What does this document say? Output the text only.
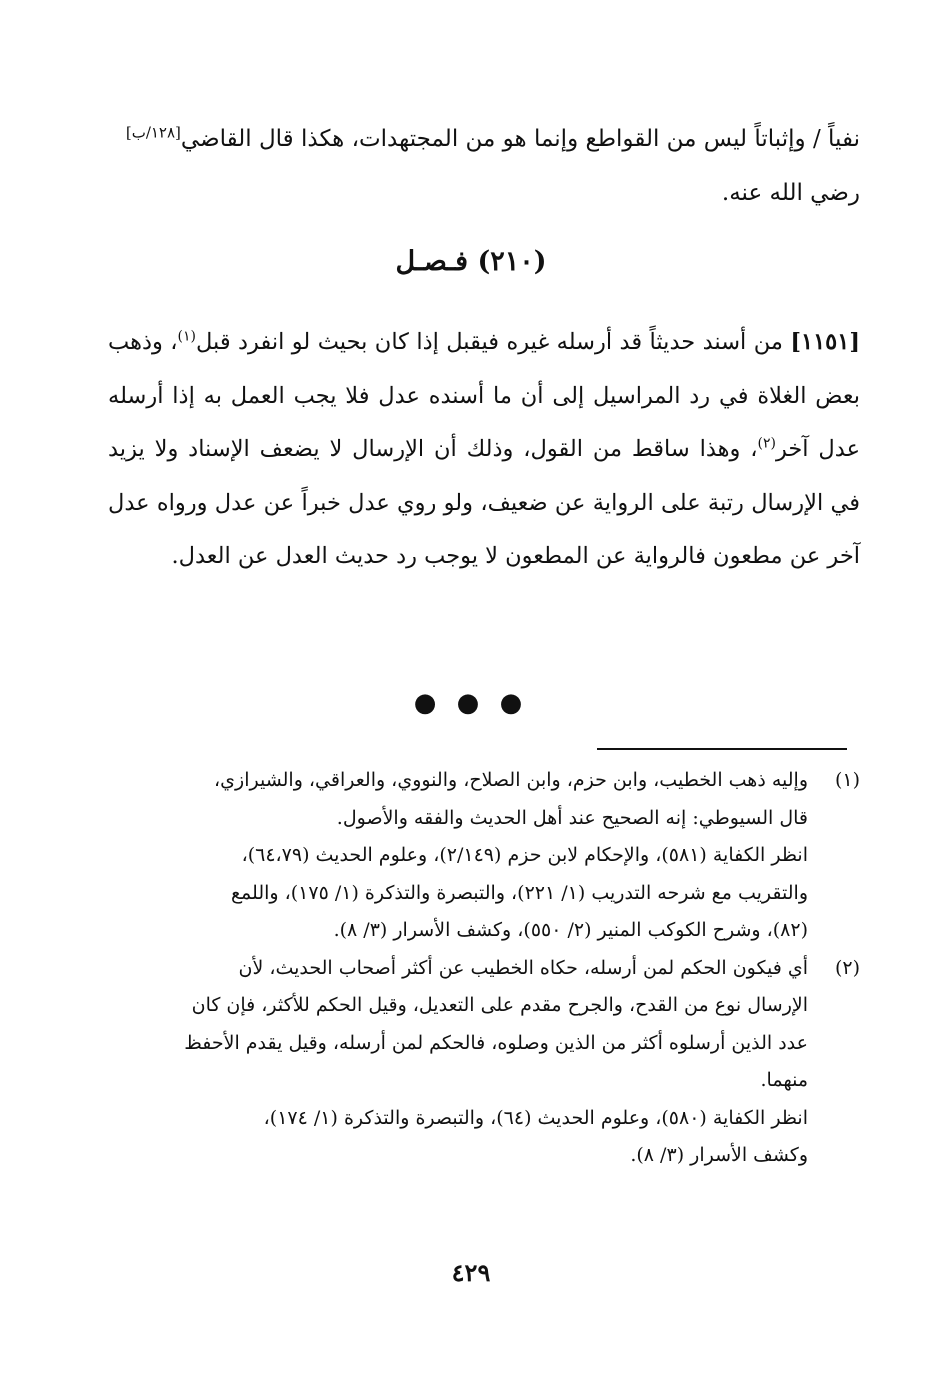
نفياً / وإثباتاً ليس من القواطع وإنما هو من المجتهدات، هكذا قال القاضي[١٢٨/ب]
رضي الله عنه.
(٢١٠) فـصـل
[١١٥١] من أسند حديثاً قد أرسله غيره فيقبل إذا كان بحيث لو انفرد قبل$^{(١)}$، وذهب بعض الغلاة في رد المراسيل إلى أن ما أسنده عدل فلا يجب العمل به إذا أرسله عدل آخر$^{(٢)}$، وهذا ساقط من القول، وذلك أن الإرسال لا يضعف الإسناد ولا يزيد في الإرسال رتبة على الرواية عن ضعيف، ولو روي عدل خبراً عن عدل ورواه عدل آخر عن مطعون فالرواية عن المطعون لا يوجب رد حديث العدل عن العدل.
● ● ●
(١)

وإليه ذهب الخطيب، وابن حزم، وابن الصلاح، والنووي، والعراقي، والشيرازي،

قال السيوطي: إنه الصحيح عند أهل الحديث والفقه والأصول.

انظر الكفاية (٥٨١)، والإحكام لابن حزم (٢/١٤٩)، وعلوم الحديث (٦٤،٧٩)،

والتقريب مع شرحه التدريب (١/ ٢٢١)، والتبصرة والتذكرة (١/ ١٧٥)، واللمع

(٨٢)، وشرح الكوكب المنير (٢/ ٥٥٠)، وكشف الأسرار (٣/ ٨).

(٢)

أي فيكون الحكم لمن أرسله، حكاه الخطيب عن أكثر أصحاب الحديث، لأن

الإرسال نوع من القدح، والجرح مقدم على التعديل، وقيل الحكم للأكثر، فإن كان

عدد الذين أرسلوه أكثر من الذين وصلوه، فالحكم لمن أرسله، وقيل يقدم الأحفظ

منهما.

انظر الكفاية (٥٨٠)، وعلوم الحديث (٦٤)، والتبصرة والتذكرة (١/ ١٧٤)،

وكشف الأسرار (٣/ ٨).

٤٢٩
